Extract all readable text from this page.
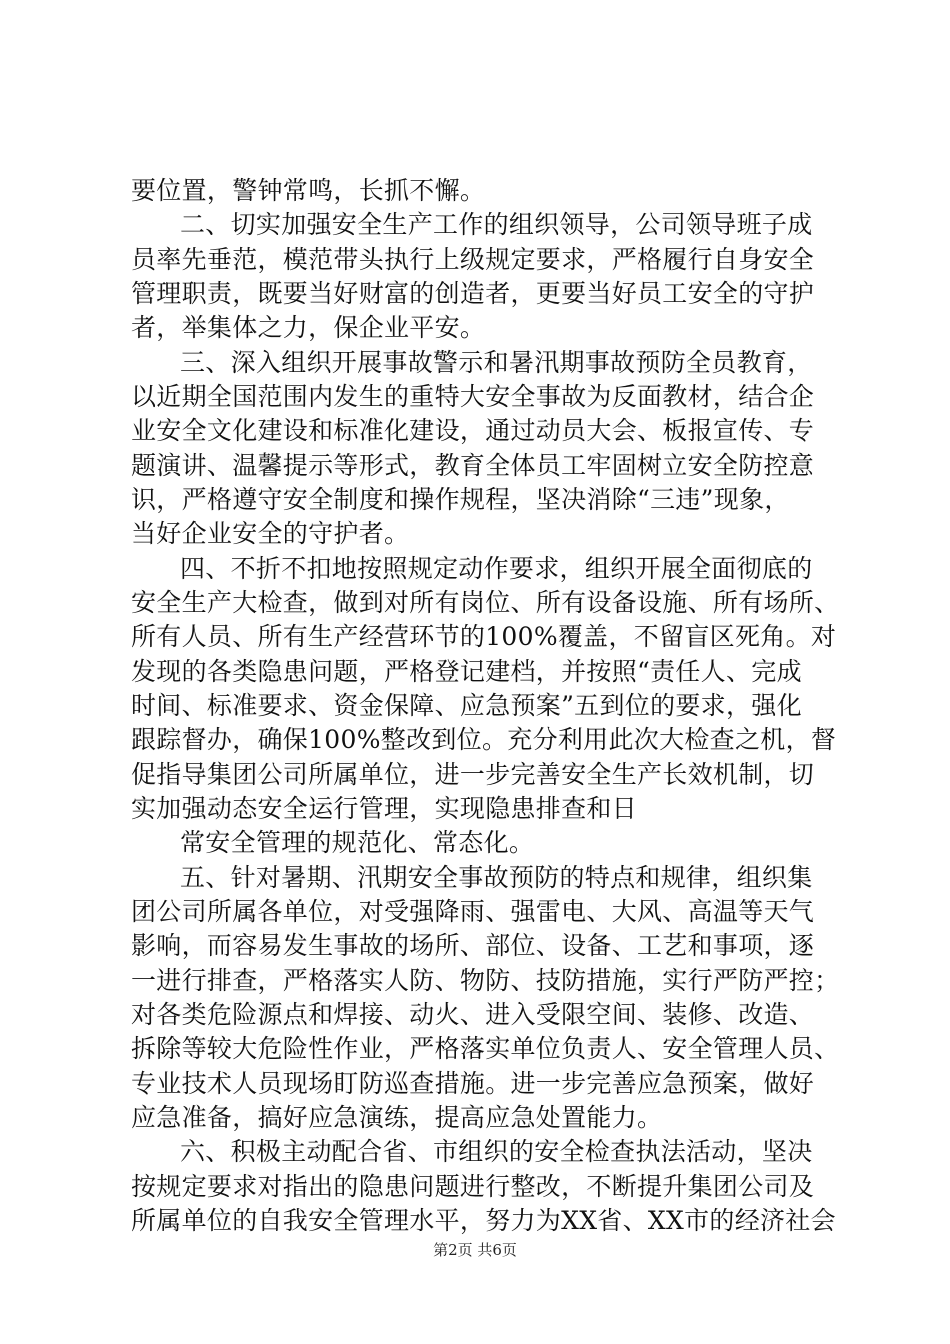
要位置，警钟常鸣，长抓不懈。
二、切实加强安全生产工作的组织领导，公司领导班子成
员率先垂范，模范带头执行上级规定要求，严格履行自身安全
管理职责，既要当好财富的创造者，更要当好员工安全的守护
者，举集体之力，保企业平安。
三、深入组织开展事故警示和暑汛期事故预防全员教育，
以近期全国范围内发生的重特大安全事故为反面教材，结合企
业安全文化建设和标准化建设，通过动员大会、板报宣传、专
题演讲、温馨提示等形式，教育全体员工牢固树立安全防控意
识，严格遵守安全制度和操作规程，坚决消除“三违”现象，
当好企业安全的守护者。
四、不折不扣地按照规定动作要求，组织开展全面彻底的
安全生产大检查，做到对所有岗位、所有设备设施、所有场所、
所有人员、所有生产经营环节的100%覆盖，不留盲区死角。对
发现的各类隐患问题，严格登记建档，并按照“责任人、完成
时间、标准要求、资金保障、应急预案”五到位的要求，强化
跟踪督办，确保100%整改到位。充分利用此次大检查之机，督
促指导集团公司所属单位，进一步完善安全生产长效机制，切
实加强动态安全运行管理，实现隐患排查和日
常安全管理的规范化、常态化。
五、针对暑期、汛期安全事故预防的特点和规律，组织集
团公司所属各单位，对受强降雨、强雷电、大风、高温等天气
影响，而容易发生事故的场所、部位、设备、工艺和事项，逐
一进行排查，严格落实人防、物防、技防措施，实行严防严控；
对各类危险源点和焊接、动火、进入受限空间、装修、改造、
拆除等较大危险性作业，严格落实单位负责人、安全管理人员、
专业技术人员现场盯防巡查措施。进一步完善应急预案，做好
应急准备，搞好应急演练，提高应急处置能力。
六、积极主动配合省、市组织的安全检查执法活动，坚决
按规定要求对指出的隐患问题进行整改，不断提升集团公司及
所属单位的自我安全管理水平，努力为XX省、XX市的经济社会
第2页 共6页
